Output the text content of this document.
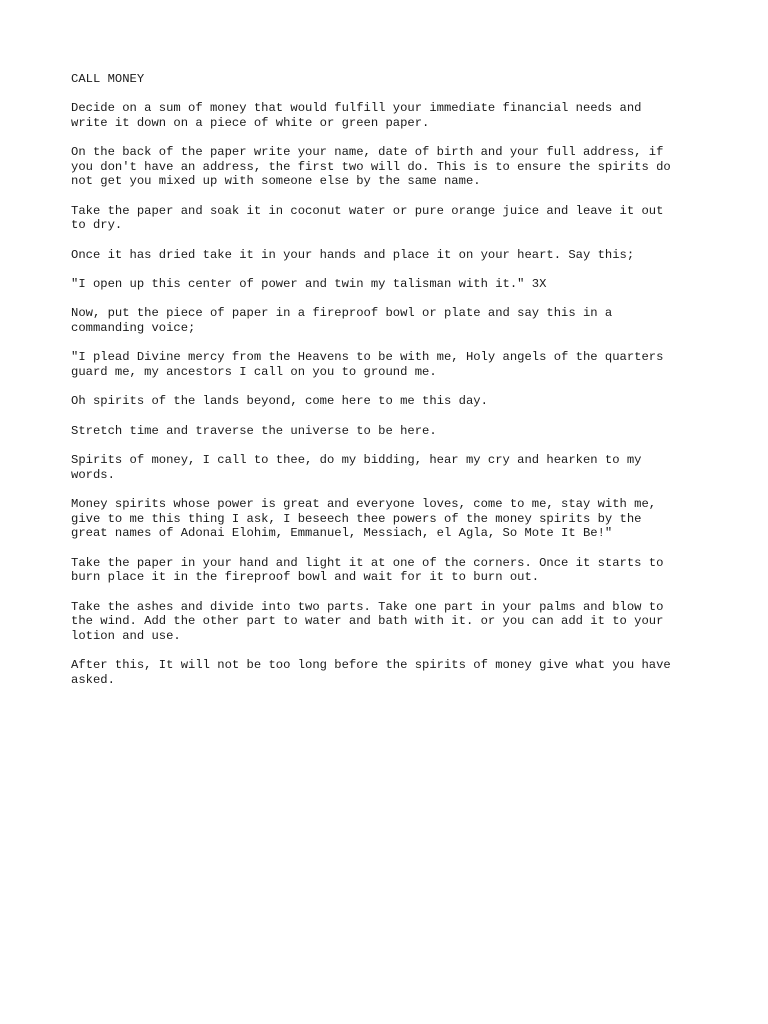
CALL MONEY

Decide on a sum of money that would fulfill your immediate financial needs and
write it down on a piece of white or green paper.

On the back of the paper write your name, date of birth and your full address, if
you don't have an address, the first two will do. This is to ensure the spirits do
not get you mixed up with someone else by the same name.

Take the paper and soak it in coconut water or pure orange juice and leave it out
to dry.

Once it has dried take it in your hands and place it on your heart. Say this;

"I open up this center of power and twin my talisman with it." 3X

Now, put the piece of paper in a fireproof bowl or plate and say this in a
commanding voice;

"I plead Divine mercy from the Heavens to be with me, Holy angels of the quarters
guard me, my ancestors I call on you to ground me.

Oh spirits of the lands beyond, come here to me this day.

Stretch time and traverse the universe to be here.

Spirits of money, I call to thee, do my bidding, hear my cry and hearken to my
words.

Money spirits whose power is great and everyone loves, come to me, stay with me,
give to me this thing I ask, I beseech thee powers of the money spirits by the
great names of Adonai Elohim, Emmanuel, Messiach, el Agla, So Mote It Be!"

Take the paper in your hand and light it at one of the corners. Once it starts to
burn place it in the fireproof bowl and wait for it to burn out.

Take the ashes and divide into two parts. Take one part in your palms and blow to
the wind. Add the other part to water and bath with it. or you can add it to your
lotion and use.

After this, It will not be too long before the spirits of money give what you have
asked.
